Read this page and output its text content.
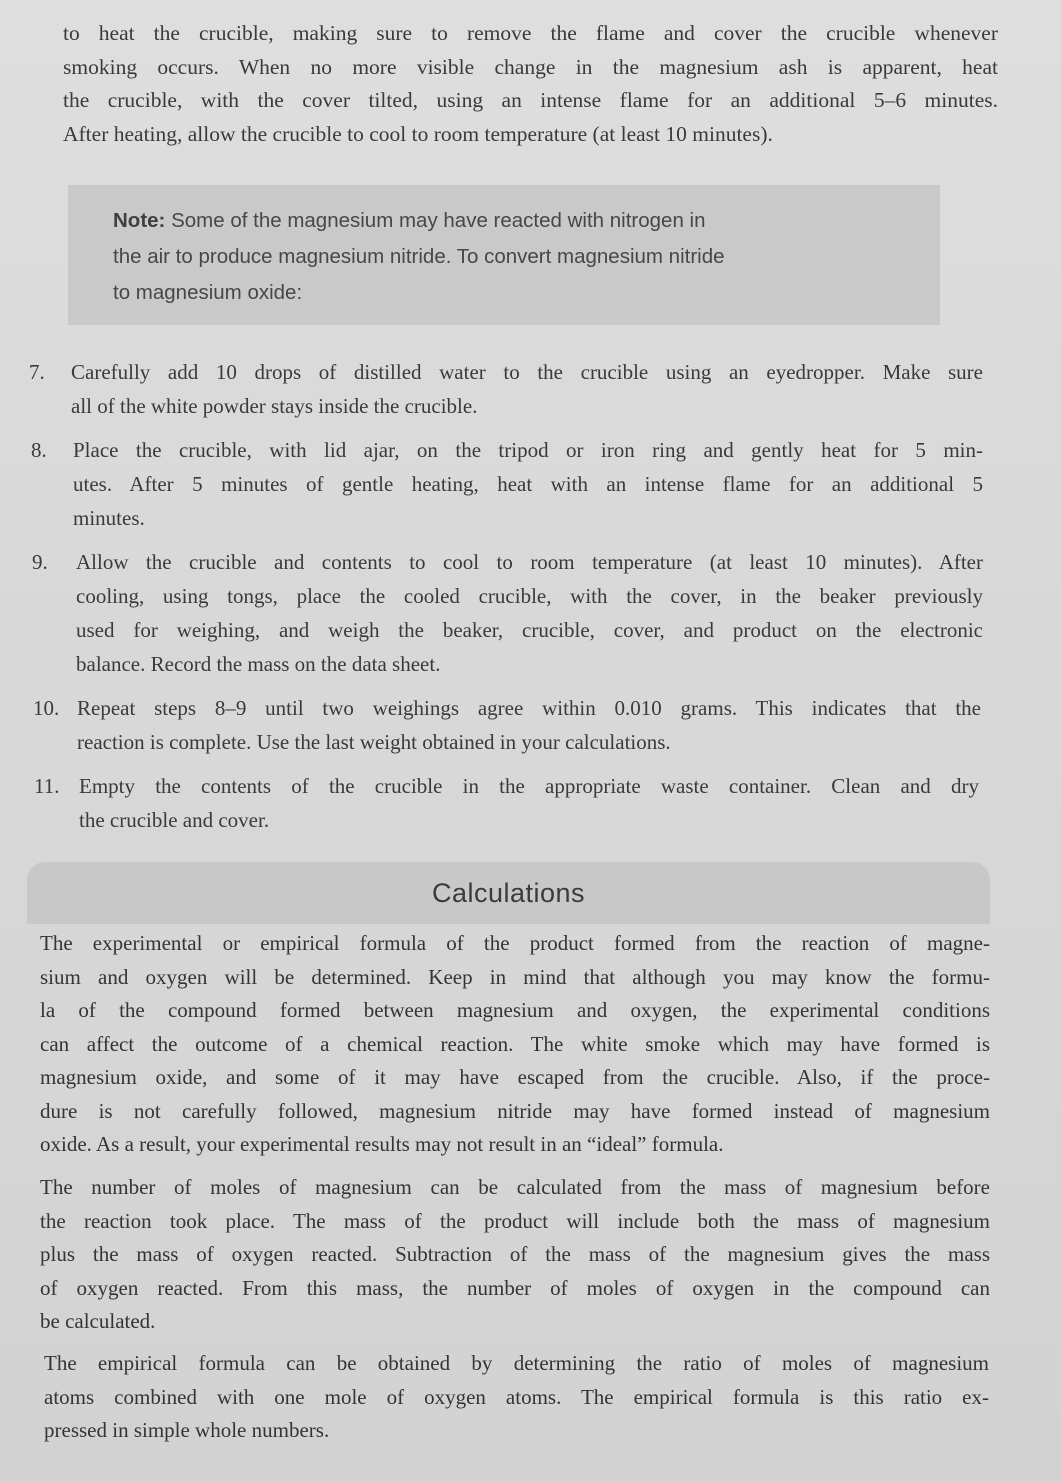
to heat the crucible, making sure to remove the flame and cover the crucible whenever
smoking occurs. When no more visible change in the magnesium ash is apparent, heat
the crucible, with the cover tilted, using an intense flame for an additional 5–6 minutes.
After heating, allow the crucible to cool to room temperature (at least 10 minutes).
Note: Some of the magnesium may have reacted with nitrogen in
the air to produce magnesium nitride. To convert magnesium nitride
to magnesium oxide:
7. Carefully add 10 drops of distilled water to the crucible using an eyedropper. Make sure
all of the white powder stays inside the crucible.
8. Place the crucible, with lid ajar, on the tripod or iron ring and gently heat for 5 min-
utes. After 5 minutes of gentle heating, heat with an intense flame for an additional 5
minutes.
9. Allow the crucible and contents to cool to room temperature (at least 10 minutes). After
cooling, using tongs, place the cooled crucible, with the cover, in the beaker previously
used for weighing, and weigh the beaker, crucible, cover, and product on the electronic
balance. Record the mass on the data sheet.
10. Repeat steps 8–9 until two weighings agree within 0.010 grams. This indicates that the
reaction is complete. Use the last weight obtained in your calculations.
11. Empty the contents of the crucible in the appropriate waste container. Clean and dry
the crucible and cover.
Calculations
The experimental or empirical formula of the product formed from the reaction of magne-
sium and oxygen will be determined. Keep in mind that although you may know the formu-
la of the compound formed between magnesium and oxygen, the experimental conditions
can affect the outcome of a chemical reaction. The white smoke which may have formed is
magnesium oxide, and some of it may have escaped from the crucible. Also, if the proce-
dure is not carefully followed, magnesium nitride may have formed instead of magnesium
oxide. As a result, your experimental results may not result in an “ideal” formula.
The number of moles of magnesium can be calculated from the mass of magnesium before
the reaction took place. The mass of the product will include both the mass of magnesium
plus the mass of oxygen reacted. Subtraction of the mass of the magnesium gives the mass
of oxygen reacted. From this mass, the number of moles of oxygen in the compound can
be calculated.
The empirical formula can be obtained by determining the ratio of moles of magnesium
atoms combined with one mole of oxygen atoms. The empirical formula is this ratio ex-
pressed in simple whole numbers.
